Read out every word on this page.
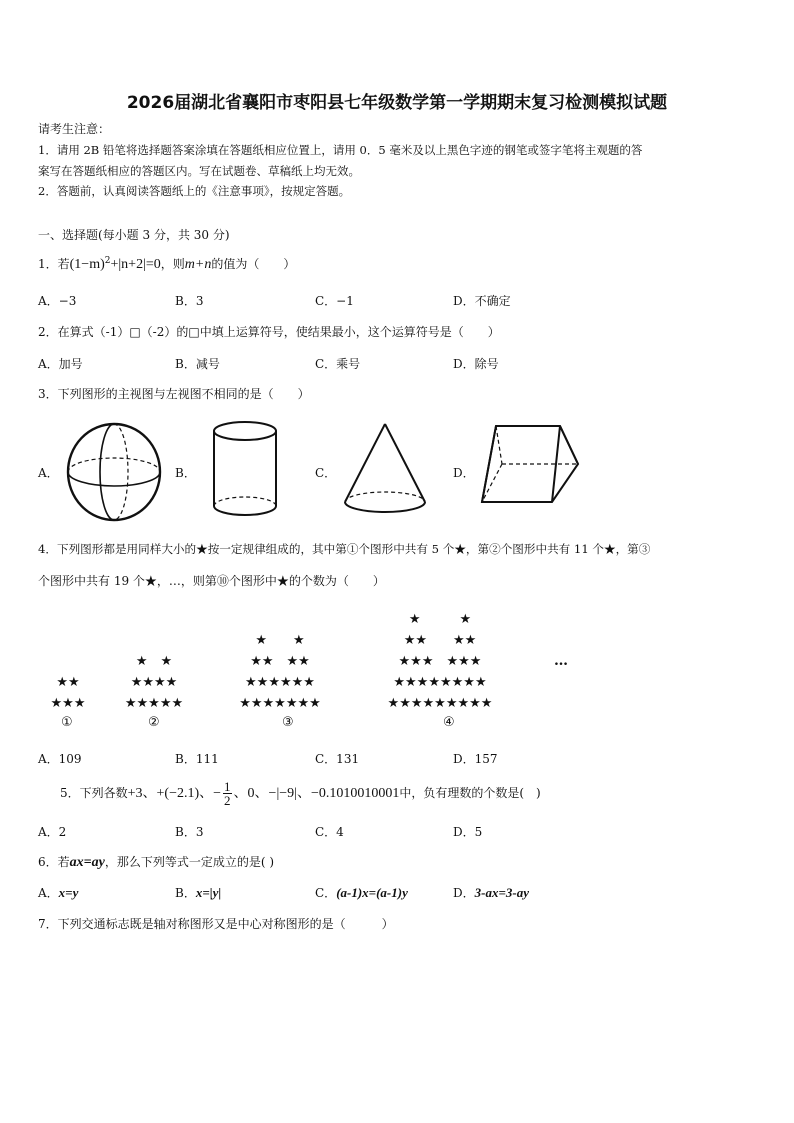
2026届湖北省襄阳市枣阳县七年级数学第一学期期末复习检测模拟试题
请考生注意：
1．请用 2B 铅笔将选择题答案涂填在答题纸相应位置上，请用 0．5 毫米及以上黑色字迹的钢笔或签字笔将主观题的答
案写在答题纸相应的答题区内。写在试题卷、草稿纸上均无效。
2．答题前，认真阅读答题纸上的《注意事项》，按规定答题。
一、选择题(每小题 3 分，共 30 分)
1．若$(1-m)^2+|n+2|=0$，则m+n的值为（　　）
A．−3	B．3	C．−1	D．不确定
2．在算式（-1）□（-2）的□中填上运算符号，使结果最小，这个运算符号是（　　）
A．加号	B．减号	C．乘号	D．除号
3．下列图形的主视图与左视图不相同的是（　　）
A．	B．	C．	D．
4．下列图形都是用同样大小的★按一定规律组成的，其中第①个图形中共有 5 个★，第②个图形中共有 11 个★，第③
个图形中共有 19 个★，…，则第⑩个图形中★的个数为（　　）
★★
★★★
★　★
★★★★
★★★★★
★　　★
★★　★★
★★★★★★
★★★★★★★
★　　　★
★★　　★★
★★★　★★★
★★★★★★★★
★★★★★★★★★
①	②	③	④
…
A．109	B．111	C．131	D．157
5．下列各数+3、+(−2.1)、− $\frac{1}{2}$ 、0、−|−9|、−0.1010010001中，负有理数的个数是(　)
A．2	B．3	C．4	D．5
6．若ax=ay，那么下列等式一定成立的是( )
A．x=y	B．x=|y|	C．(a-1)x=(a-1)y	D．3-ax=3-ay
7．下列交通标志既是轴对称图形又是中心对称图形的是（　　　）
